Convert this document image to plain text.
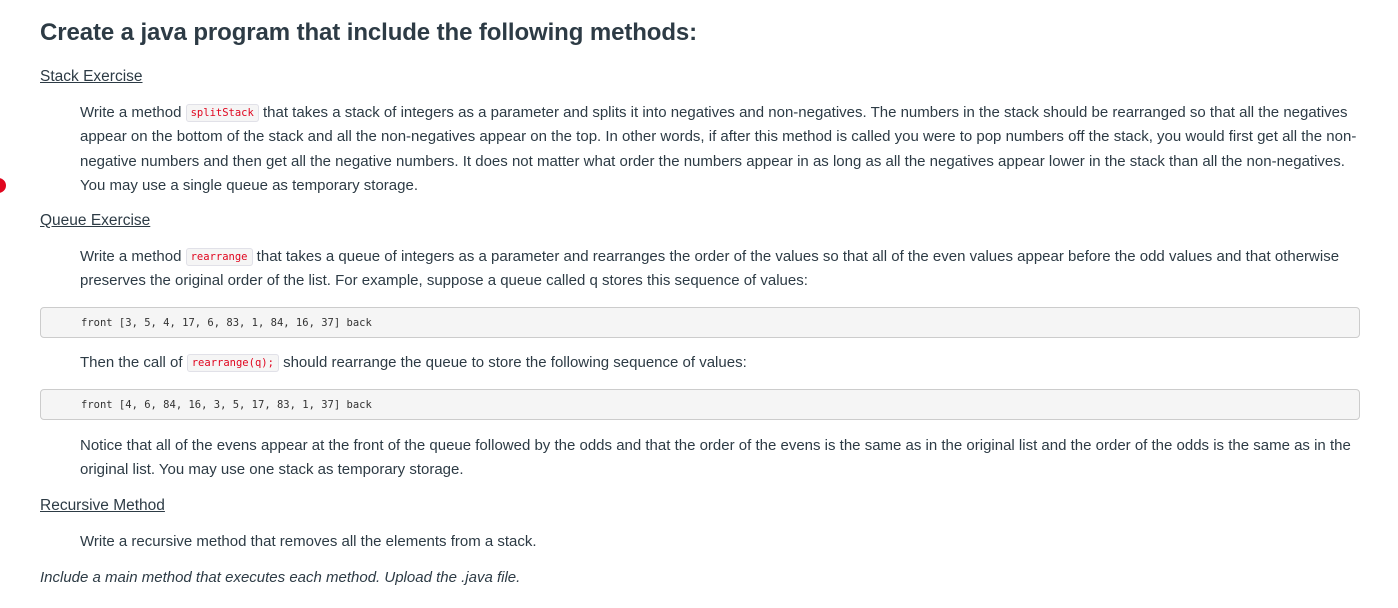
Create a java program that include the following methods:
Stack Exercise

Write a method splitStack that takes a stack of integers as a parameter and splits it into negatives and non-negatives. The numbers in the stack should be rearranged so that all the negatives appear on the bottom of the stack and all the non-negatives appear on the top. In other words, if after this method is called you were to pop numbers off the stack, you would first get all the non-negative numbers and then get all the negative numbers. It does not matter what order the numbers appear in as long as all the negatives appear lower in the stack than all the non-negatives. You may use a single queue as temporary storage.

Queue Exercise

Write a method rearrange that takes a queue of integers as a parameter and rearranges the order of the values so that all of the even values appear before the odd values and that otherwise preserves the original order of the list. For example, suppose a queue called q stores this sequence of values:

front [3, 5, 4, 17, 6, 83, 1, 84, 16, 37] back

Then the call of rearrange(q); should rearrange the queue to store the following sequence of values:

front [4, 6, 84, 16, 3, 5, 17, 83, 1, 37] back

Notice that all of the evens appear at the front of the queue followed by the odds and that the order of the evens is the same as in the original list and the order of the odds is the same as in the original list. You may use one stack as temporary storage.

Recursive Method

Write a recursive method that removes all the elements from a stack.

Include a main method that executes each method. Upload the .java file.
